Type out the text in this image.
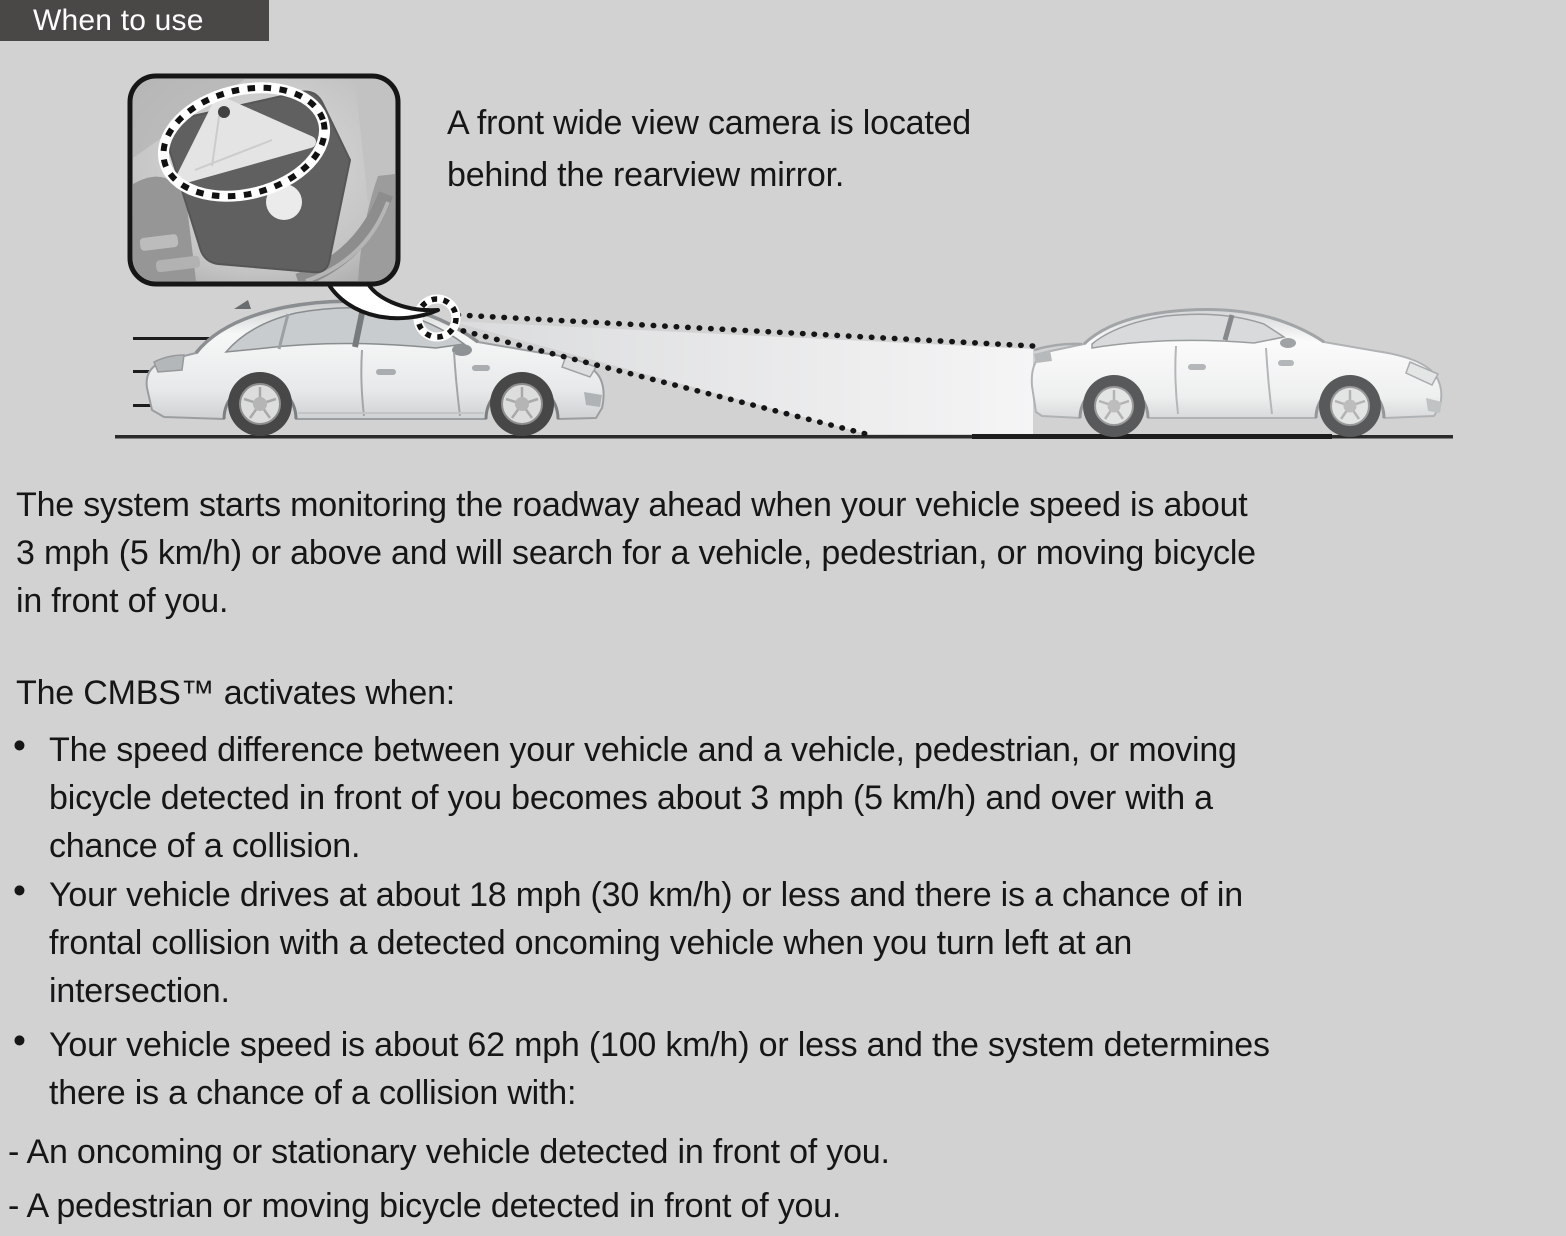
When to use
A front wide view camera is located
behind the rearview mirror.
The system starts monitoring the roadway ahead when your vehicle speed is about
3 mph (5 km/h) or above and will search for a vehicle, pedestrian, or moving bicycle
in front of you.
The CMBS™ activates when:
• The speed difference between your vehicle and a vehicle, pedestrian, or moving
bicycle detected in front of you becomes about 3 mph (5 km/h) and over with a
chance of a collision.
• Your vehicle drives at about 18 mph (30 km/h) or less and there is a chance of in
frontal collision with a detected oncoming vehicle when you turn left at an
intersection.
• Your vehicle speed is about 62 mph (100 km/h) or less and the system determines
there is a chance of a collision with:
- An oncoming or stationary vehicle detected in front of you.
- A pedestrian or moving bicycle detected in front of you.
